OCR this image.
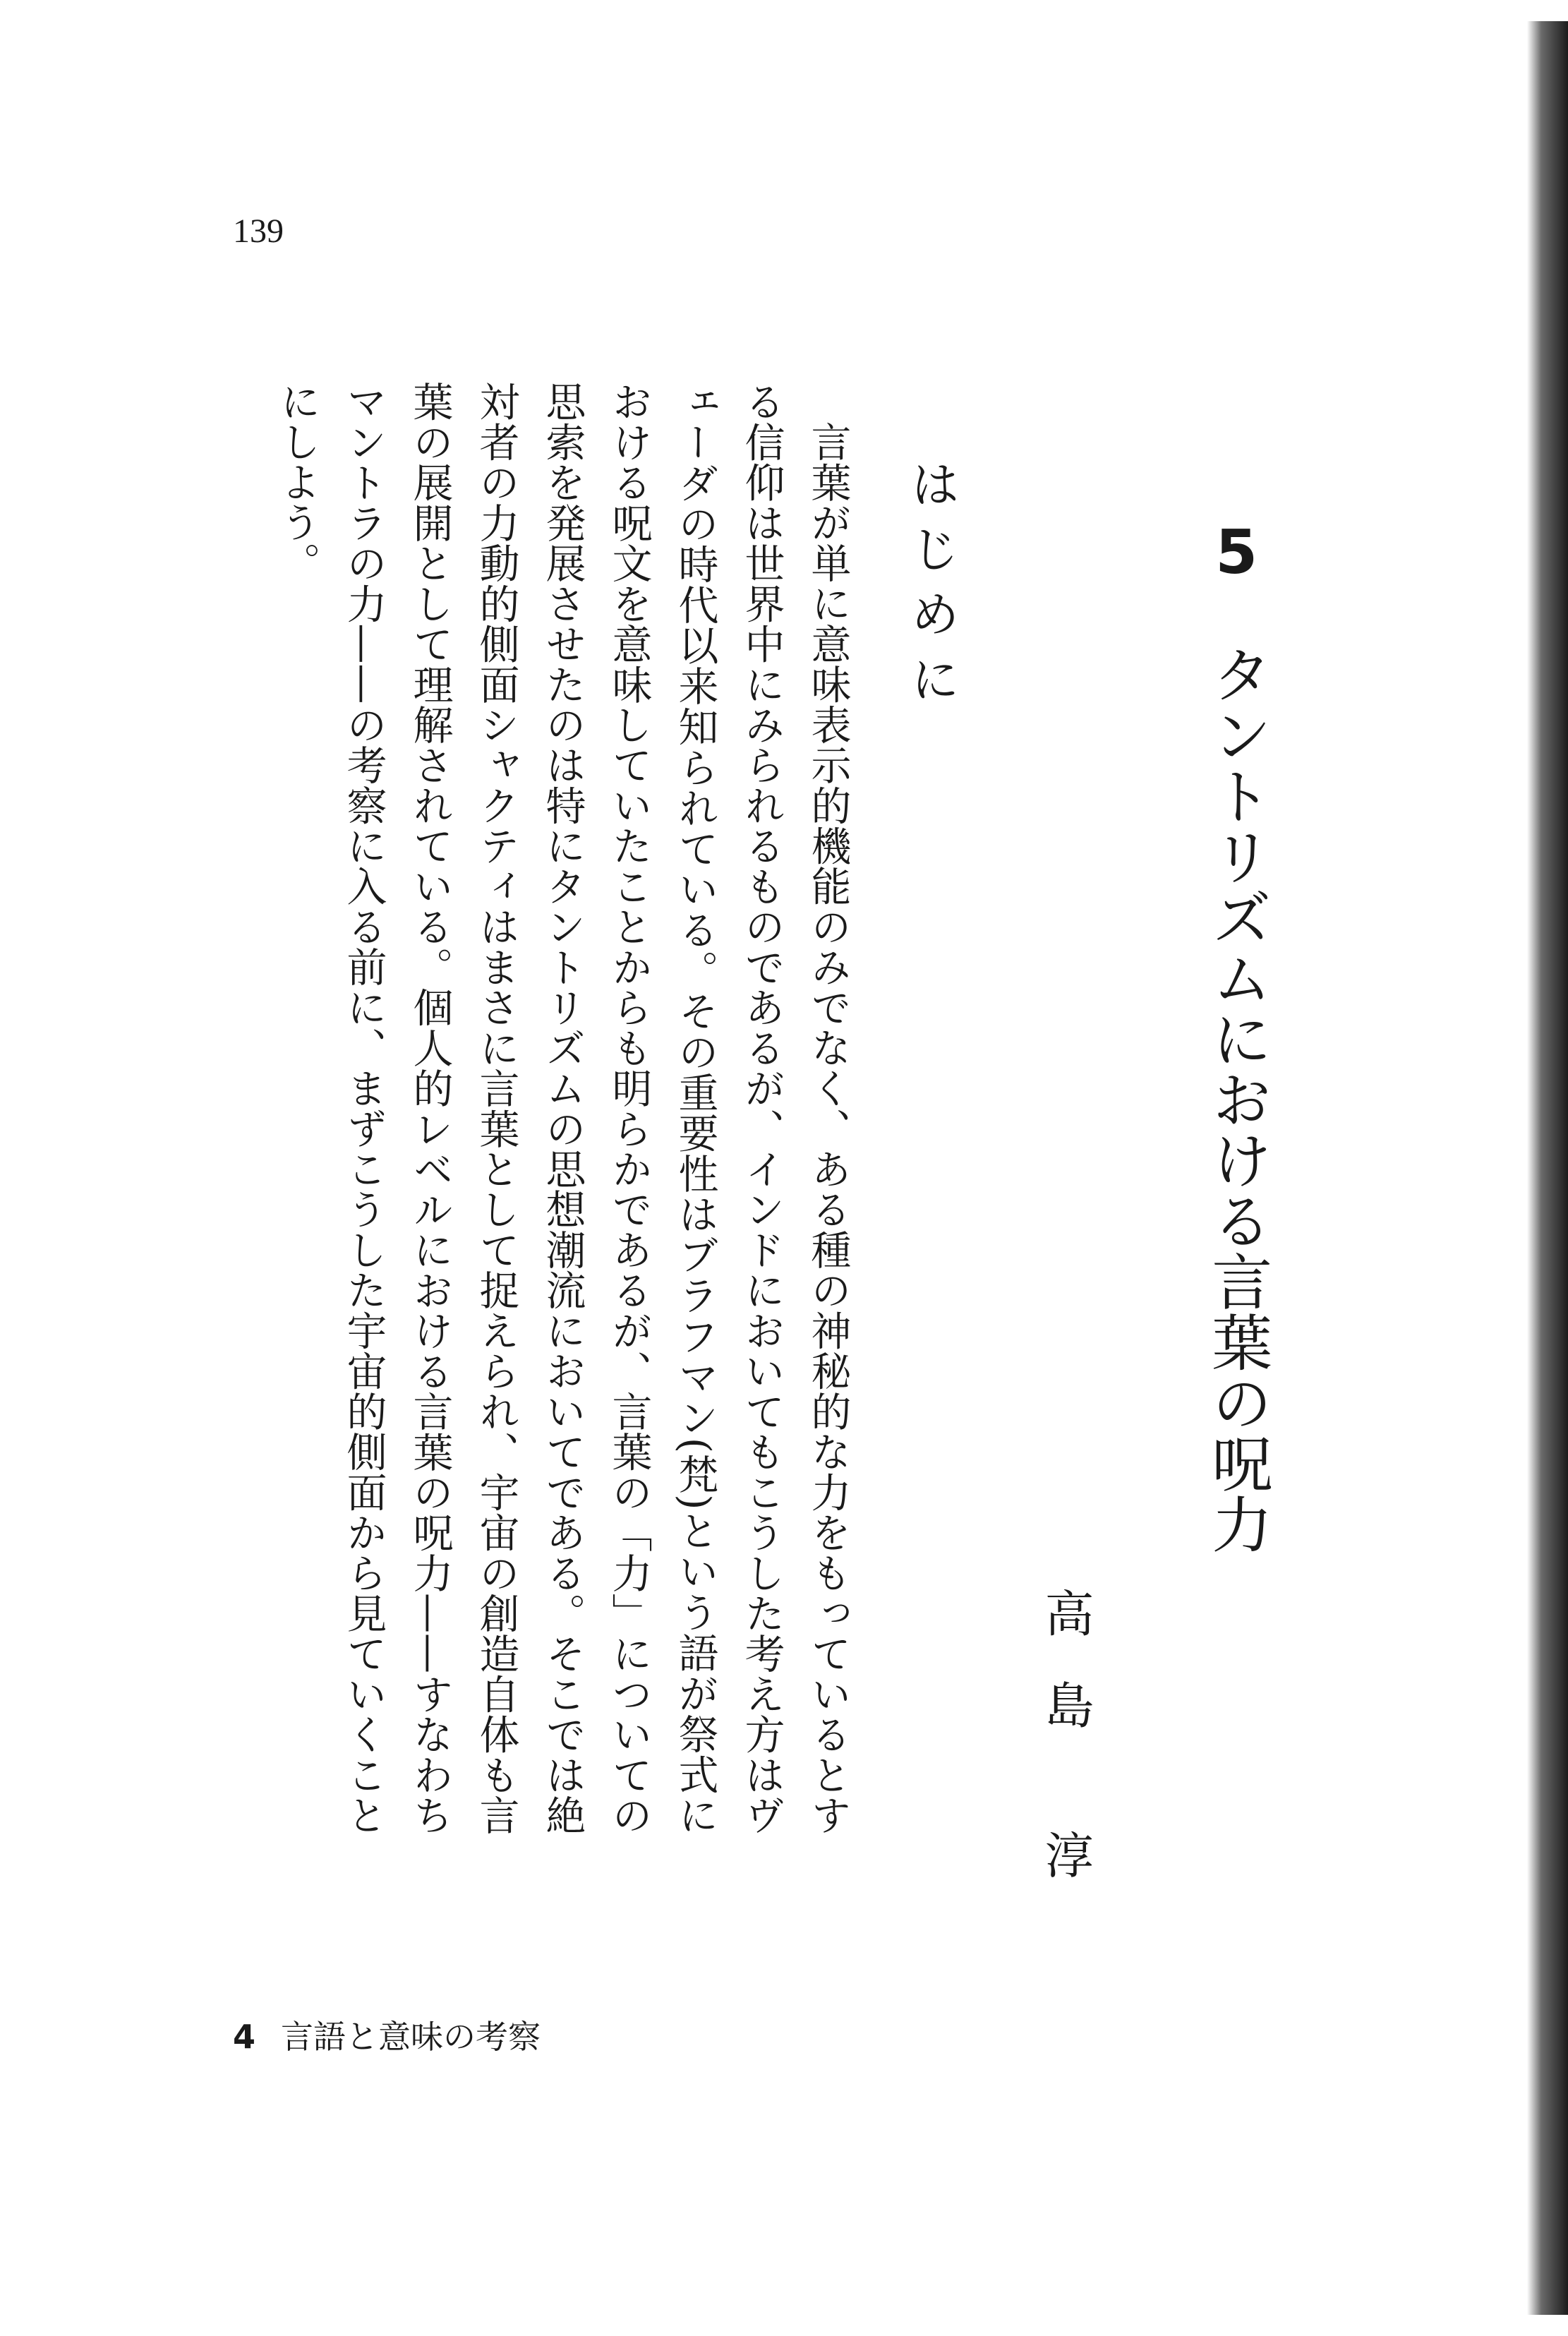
139
5　タントリズムにおける言葉の呪力
高島 淳
はじめに

言葉が単に意味表示的機能のみでなく、ある種の神秘的な力をもっているとする信仰は世界中にみられるものであるが、インドにおいてもこうした考え方はヴェーダの時代以来知られている。その重要性はブラフマン(梵)という語が祭式における呪文を意味していたことからも明らかであるが、言葉の「力」についての思索を発展させたのは特にタントリズムの思想潮流においてである。そこでは絶対者の力動的側面シャクティはまさに言葉として捉えられ、宇宙の創造自体も言葉の展開として理解されている。個人的レベルにおける言葉の呪力——すなわちマントラの力——の考察に入る前に、まずこうした宇宙的側面から見ていくことにしよう。

4 言語と意味の考察
